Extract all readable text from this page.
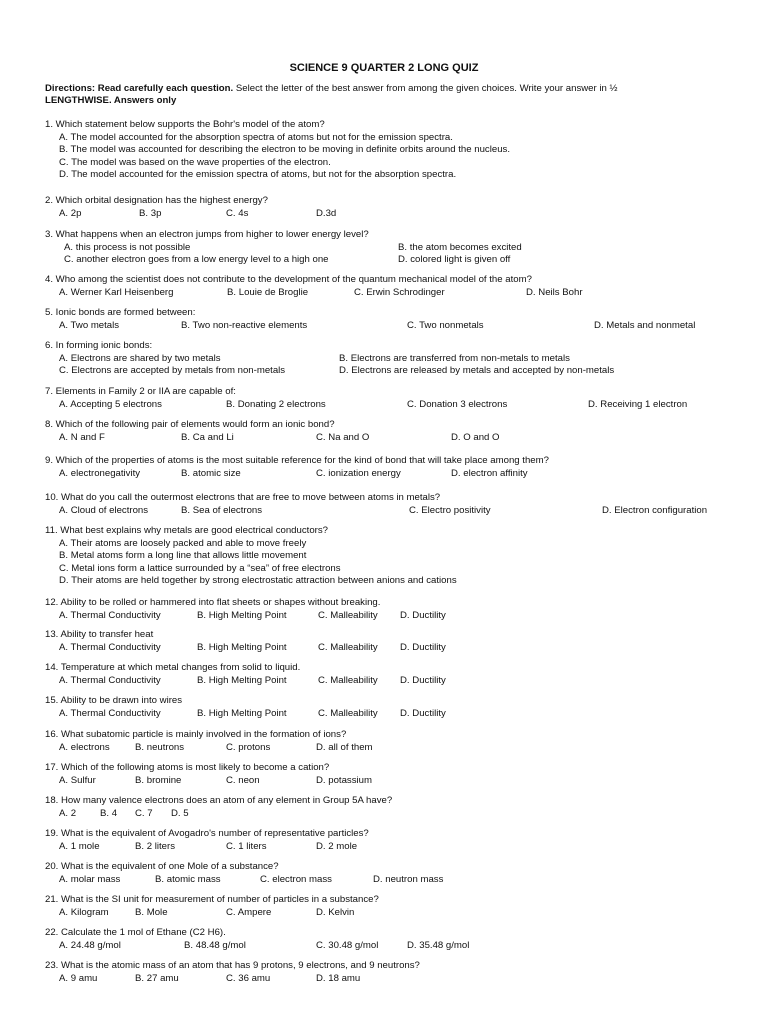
SCIENCE 9 QUARTER 2 LONG QUIZ
Directions: Read carefully each question. Select the letter of the best answer from among the given choices. Write your answer in ½
LENGTHWISE. Answers only
1. Which statement below supports the Bohr's model of the atom?
A. The model accounted for the absorption spectra of atoms but not for the emission spectra.
B. The model was accounted for describing the electron to be moving in definite orbits around the nucleus.
C. The model was based on the wave properties of the electron.
D. The model accounted for the emission spectra of atoms, but not for the absorption spectra.
2. Which orbital designation has the highest energy?
A. 2p	B. 3p	C. 4s	D.3d
3. What happens when an electron jumps from higher to lower energy level?
A. this process is not possible	B. the atom becomes excited
C. another electron goes from a low energy level to a high one	D. colored light is given off
4. Who among the scientist does not contribute to the development of the quantum mechanical model of the atom?
A. Werner Karl Heisenberg	B. Louie de Broglie	C. Erwin Schrodinger	D. Neils Bohr
5. Ionic bonds are formed between:
A. Two metals	B. Two non-reactive elements	C. Two nonmetals	D. Metals and nonmetal
6. In forming ionic bonds:
A. Electrons are shared by two metals	B. Electrons are transferred from non-metals to metals
C. Electrons are accepted by metals from non-metals	D. Electrons are released by metals and accepted by non-metals
7. Elements in Family 2 or IIA are capable of:
A. Accepting 5 electrons	B. Donating 2 electrons	C. Donation 3 electrons	D. Receiving 1 electron
8. Which of the following pair of elements would form an ionic bond?
A. N and F	B. Ca and Li	C. Na and O	D. O and O
9. Which of the properties of atoms is the most suitable reference for the kind of bond that will take place among them?
A. electronegativity	B. atomic size	C. ionization energy	D. electron affinity
10. What do you call the outermost electrons that are free to move between atoms in metals?
A. Cloud of electrons	B. Sea of electrons	C. Electro positivity	D. Electron configuration
11. What best explains why metals are good electrical conductors?
A. Their atoms are loosely packed and able to move freely
B. Metal atoms form a long line that allows little movement
C. Metal ions form a lattice surrounded by a “sea” of free electrons
D. Their atoms are held together by strong electrostatic attraction between anions and cations
12. Ability to be rolled or hammered into flat sheets or shapes without breaking.
A. Thermal Conductivity	B. High Melting Point	C. Malleability D. Ductility
13. Ability to transfer heat
A. Thermal Conductivity	B. High Melting Point	C. Malleability D. Ductility
14. Temperature at which metal changes from solid to liquid.
A. Thermal Conductivity	B. High Melting Point	C. Malleability D. Ductility
15. Ability to be drawn into wires
A. Thermal Conductivity	B. High Melting Point	C. Malleability D. Ductility
16. What subatomic particle is mainly involved in the formation of ions?
A. electrons	B. neutrons	C. protons	D. all of them
17. Which of the following atoms is most likely to become a cation?
A. Sulfur	B. bromine	C. neon	D. potassium
18. How many valence electrons does an atom of any element in Group 5A have?
A. 2 B. 4 C. 7 D. 5
19. What is the equivalent of Avogadro's number of representative particles?
A. 1 mole	B. 2 liters	C. 1 liters	D. 2 mole
20. What is the equivalent of one Mole of a substance?
A. molar mass	B. atomic mass	C. electron mass	D. neutron mass
21. What is the SI unit for measurement of number of particles in a substance?
A. Kilogram	B. Mole	C. Ampere	D. Kelvin
22. Calculate the 1 mol of Ethane (C2 H6).
A. 24.48 g/mol	B. 48.48 g/mol	C. 30.48 g/mol	D. 35.48 g/mol
23. What is the atomic mass of an atom that has 9 protons, 9 electrons, and 9 neutrons?
A. 9 amu	B. 27 amu	C. 36 amu	D. 18 amu
